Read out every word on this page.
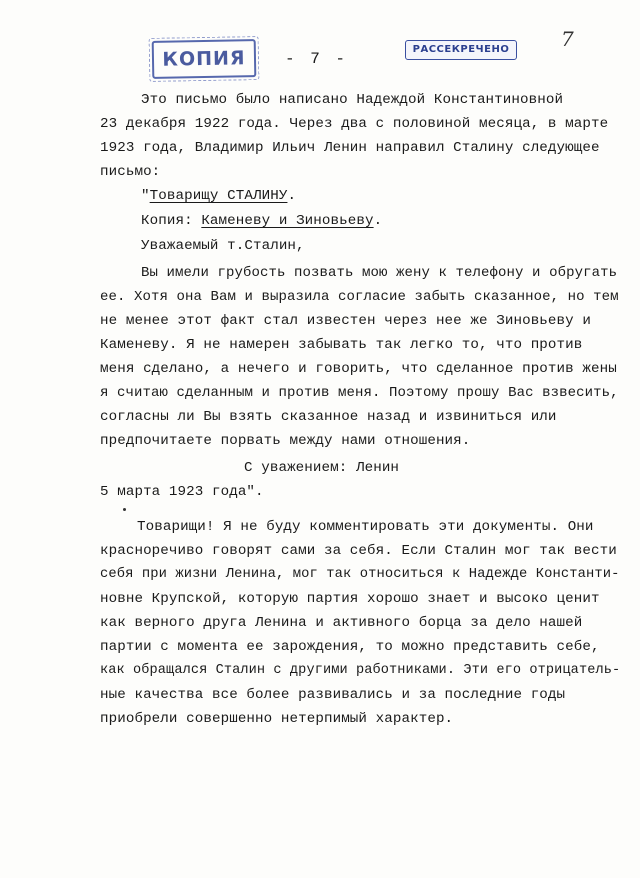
КОПИЯ	- 7 -
РАССЕКРЕЧЕНО	7
Это письмо было написано Надеждой Константиновной
23 декабря 1922 года. Через два с половиной месяца, в марте
1923 года, Владимир Ильич Ленин направил Сталину следующее
письмо:
"Товарищу СТАЛИНУ.
Копия: Каменеву и Зиновьеву.
Уважаемый т.Сталин,
Вы имели грубость позвать мою жену к телефону и обругать
ее. Хотя она Вам и выразила согласие забыть сказанное, но тем
не менее этот факт стал известен через нее же Зиновьеву и
Каменеву. Я не намерен забывать так легко то, что против
меня сделано, а нечего и говорить, что сделанное против жены
я считаю сделанным и против меня. Поэтому прошу Вас взвесить,
согласны ли Вы взять сказанное назад и извиниться или
предпочитаете порвать между нами отношения.
С уважением: Ленин
5 марта 1923 года".
Товарищи! Я не буду комментировать эти документы. Они
красноречиво говорят сами за себя. Если Сталин мог так вести
себя при жизни Ленина, мог так относиться к Надежде Константи-
новне Крупской, которую партия хорошо знает и высоко ценит
как верного друга Ленина и активного борца за дело нашей
партии с момента ее зарождения, то можно представить себе,
как обращался Сталин с другими работниками. Эти его отрицатель-
ные качества все более развивались и за последние годы
приобрели совершенно нетерпимый характер.
